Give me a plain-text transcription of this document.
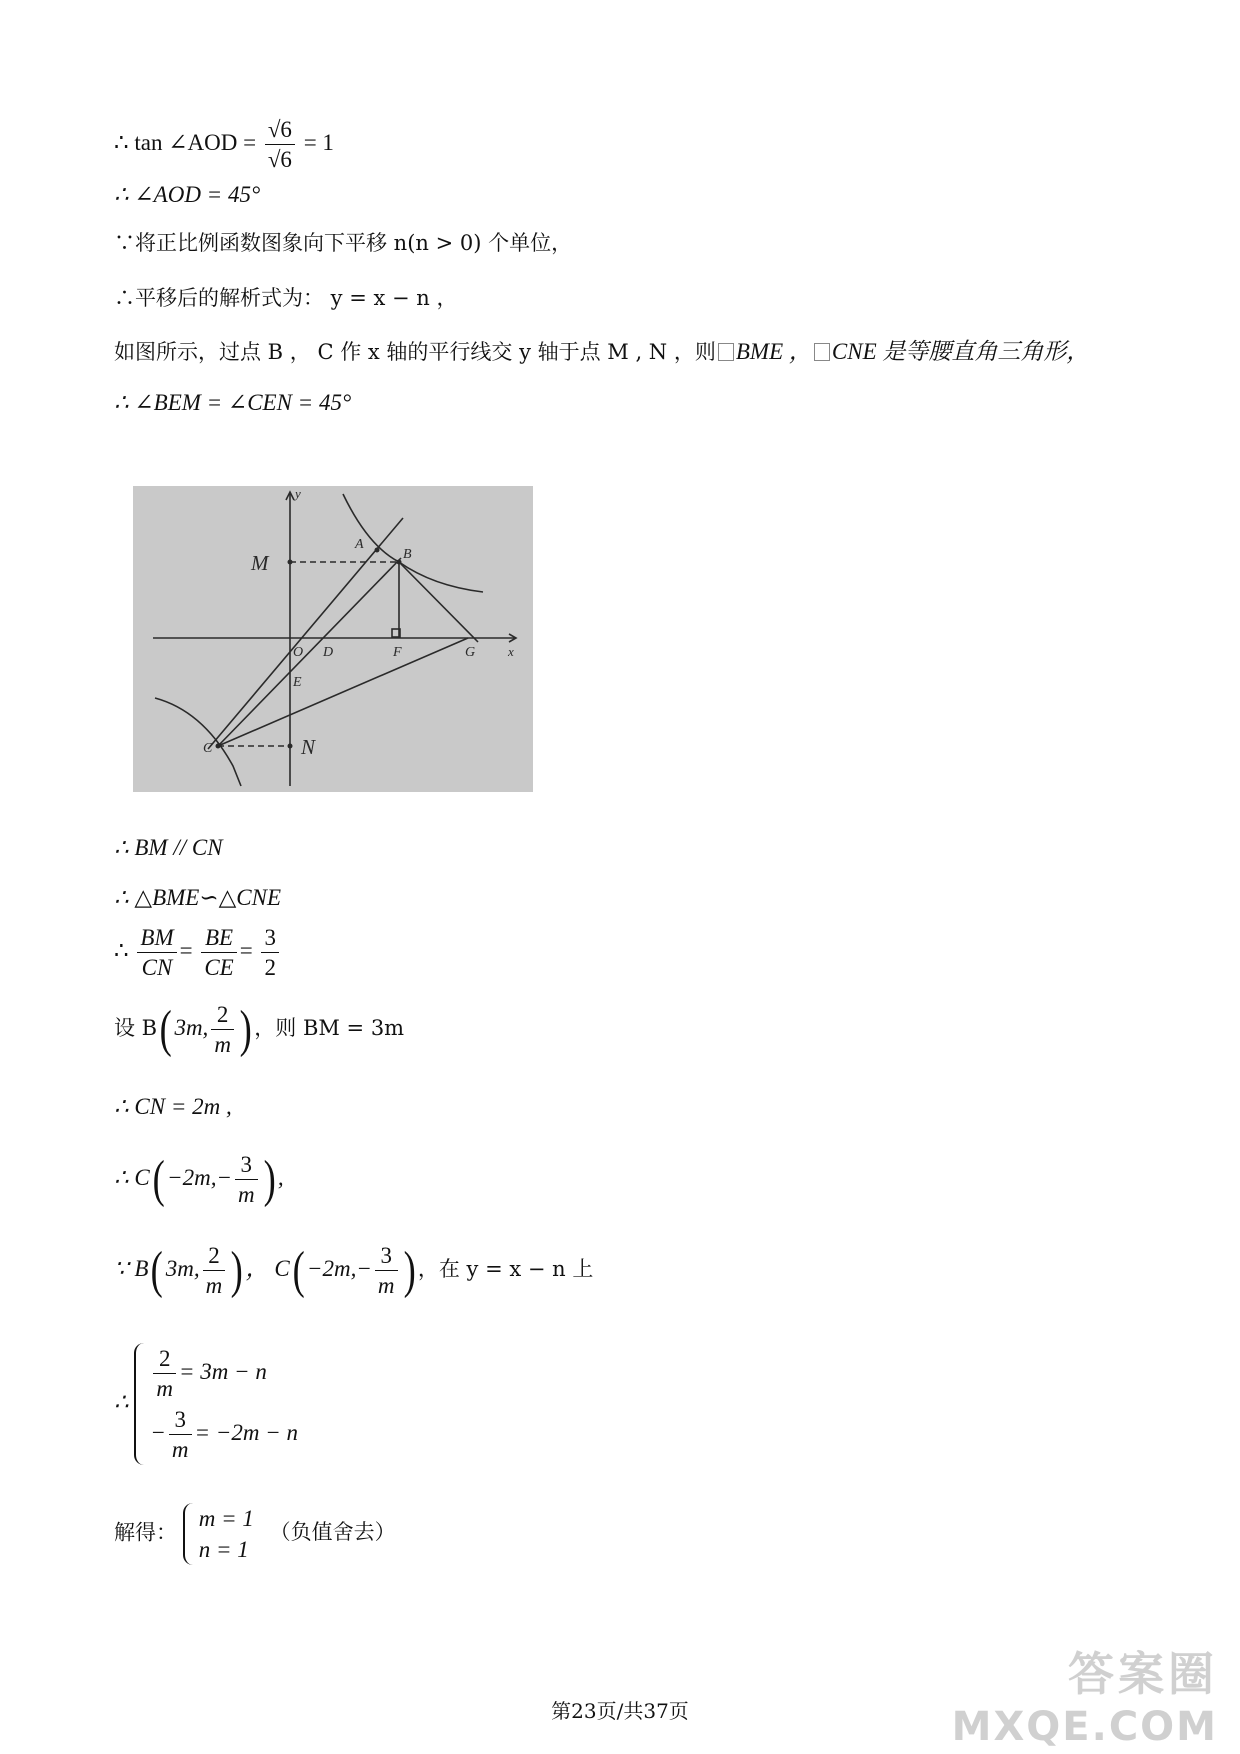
∴ tan ∠AOD = $\frac{√6}{√6} = 1$
∴ ∠AOD = 45°
∵将正比例函数图象向下平移 n(n > 0) 个单位，
∴平移后的解析式为： y = x − n ，
如图所示，过点 B ， C 作 x 轴的平行线交 y 轴于点 M , N ，则 BME ， CNE 是等腰直角三角形，
∴ ∠BEM = ∠CEN = 45°
y
x
M
N
A
B
O D	F	G
E
C
∴ BM // CN
∴ △BME∽△CNE
∴ $\frac{BM}{CN} = \frac{BE}{CE} = \frac{3}{2}$
设 B( 3m, $\frac{2}{m}$ ) ，则 BM = 3m
∴ CN = 2m ,
∴ $C( -2m,- \frac{3}{m}$ ) ,
∵ B( 3m, $\frac{2}{m}$ ) ， $C( -2m,- \frac{3}{m}$ ) ，在 y = x − n 上
∴
$\frac{2}{m} = 3m - n$
− $\frac{3}{m} = -2m - n$
解得：
m = 1
n = 1
（负值舍去）
第23页/共37页
答案圈
MXQE.COM
